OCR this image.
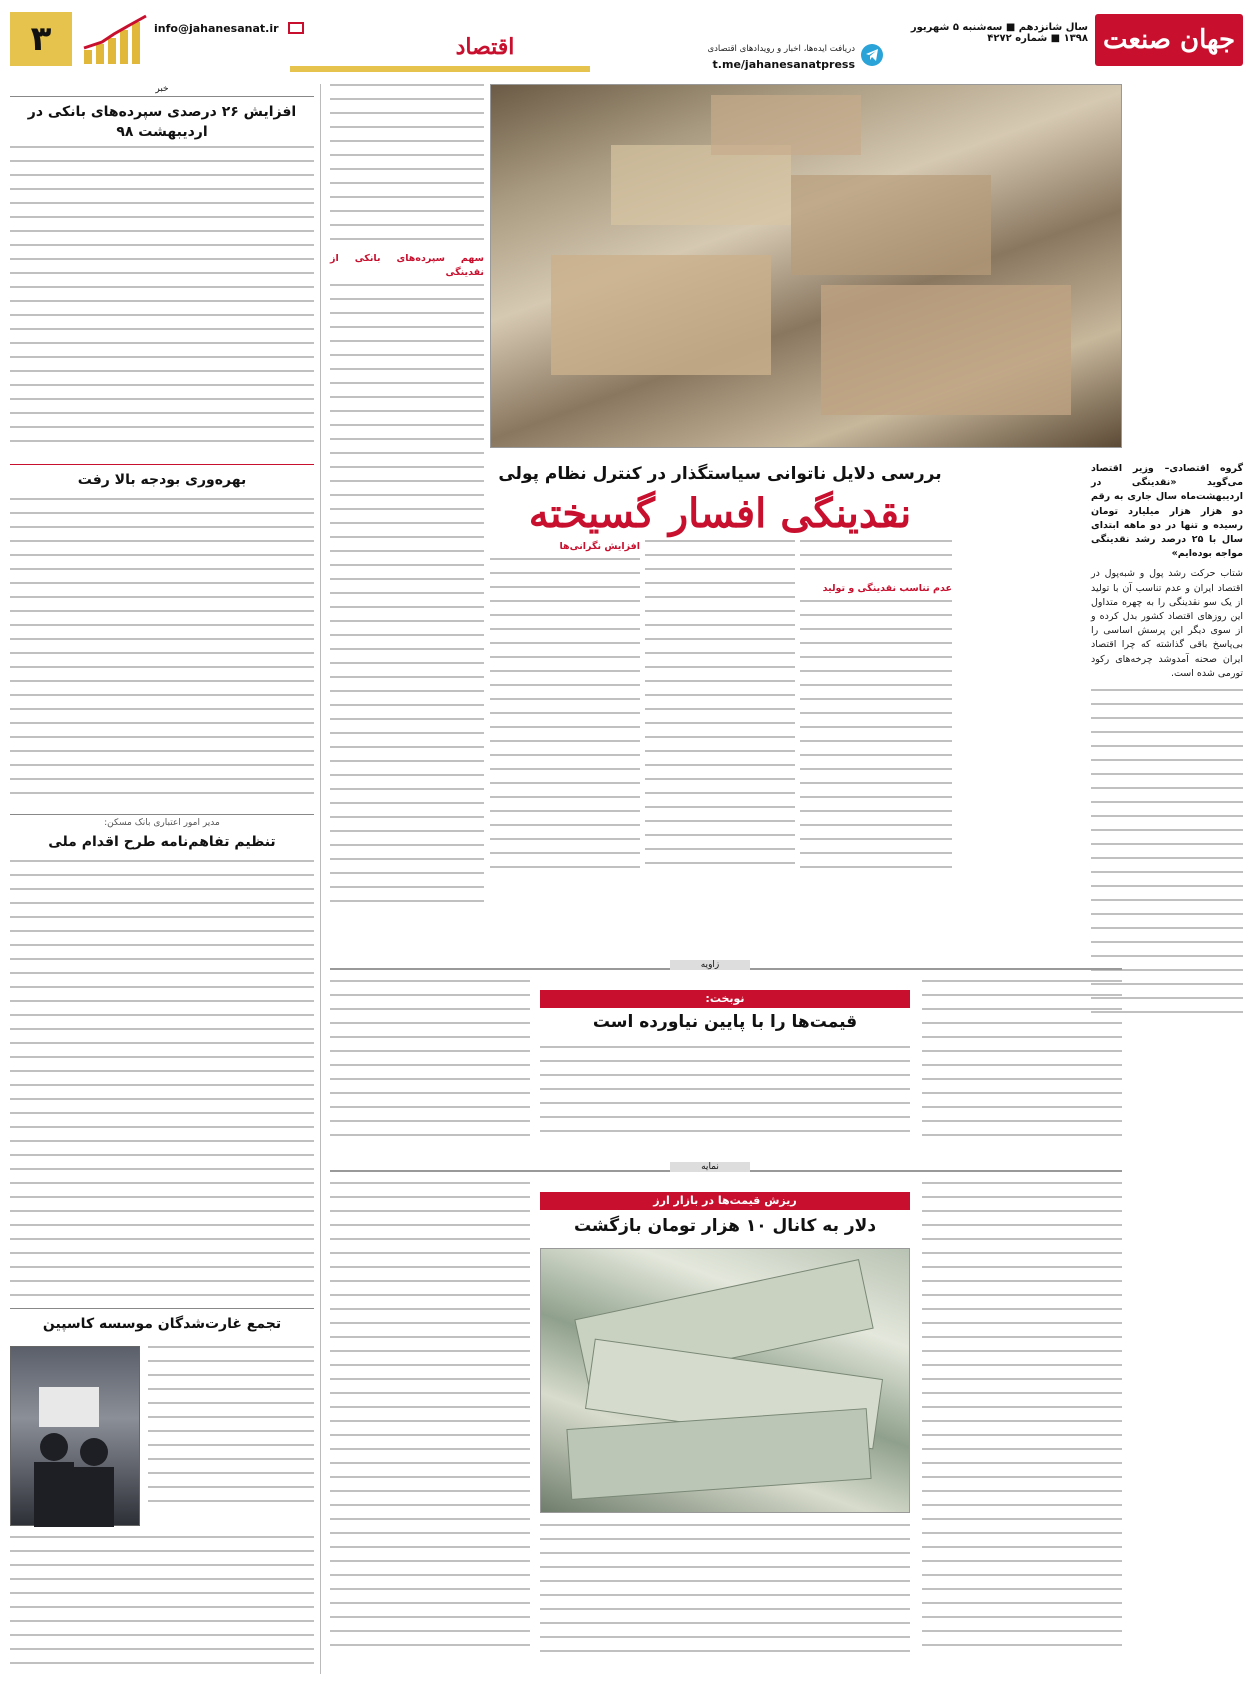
جهان صنعت
سال شانزدهم ■ سه‌شنبه ۵ شهریور ۱۳۹۸ ■ شماره ۴۲۷۲
دریافت ایده‌ها، اخبار و رویدادهای اقتصادی
t.me/jahanesanatpress
اقتصاد
info@jahanesanat.ir
۳
بررسی دلایل ناتوانی سیاستگذار در کنترل نظام پولی
نقدینگی افسار گسیخته
گروه اقتصادی– وزیر اقتصاد می‌گوید «نقدینگی در اردیبهشت‌ماه سال جاری به رقم دو هزار هزار میلیارد تومان رسیده و تنها در دو ماهه ابتدای سال با ۲۵ درصد رشد نقدینگی مواجه بوده‌ایم»
شتاب حرکت رشد پول و شبه‌پول در اقتصاد ایران و عدم تناسب آن با تولید از یک سو نقدینگی را به چهره متداول این روزهای اقتصاد کشور بدل کرده و از سوی دیگر این پرسش اساسی را بی‌پاسخ باقی گذاشته که چرا اقتصاد ایران صحنه آمدوشد چرخه‌های رکود تورمی شده است.
عدم تناسب نقدینگی و تولید
افزایش نگرانی‌ها
سهم سپرده‌های بانکی از نقدینگی
زاویه
نوبخت:
قیمت‌ها را با پایین نیاورده است
نمایه
ریزش قیمت‌ها در بازار ارز
دلار به کانال ۱۰ هزار تومان بازگشت
خبر
افزایش ۲۶ درصدی سپرده‌های بانکی در اردیبهشت ۹۸
بهره‌وری بودجه بالا رفت
مدیر امور اعتباری بانک مسکن:
تنظیم تفاهم‌نامه طرح اقدام ملی
تجمع غارت‌شدگان موسسه کاسپین
